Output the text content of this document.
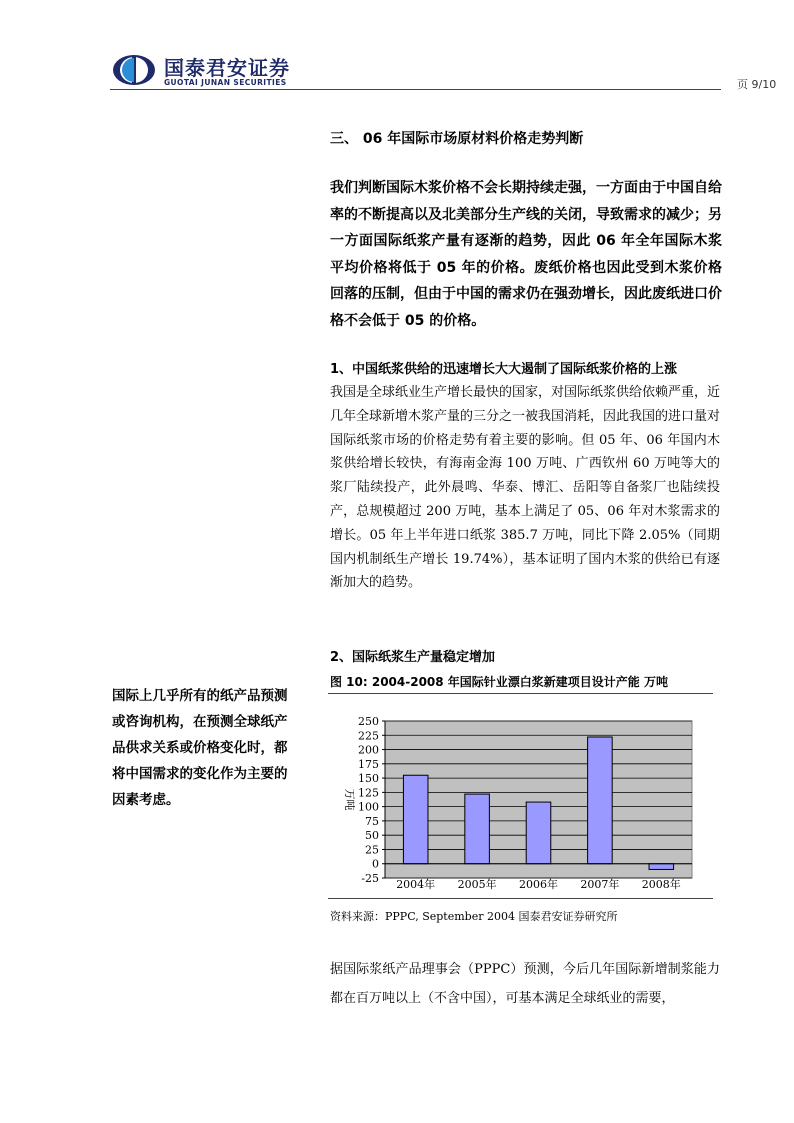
国泰君安证券
GUOTAI JUNAN SECURITIES	页 9/10
三、 06 年国际市场原材料价格走势判断
我们判断国际木浆价格不会长期持续走强，一方面由于中国自给率的不断提高以及北美部分生产线的关闭，导致需求的减少；另一方面国际纸浆产量有逐渐的趋势，因此 06 年全年国际木浆平均价格将低于 05 年的价格。废纸价格也因此受到木浆价格回落的压制，但由于中国的需求仍在强劲增长，因此废纸进口价格不会低于 05 的价格。
1、中国纸浆供给的迅速增长大大遏制了国际纸浆价格的上涨
我国是全球纸业生产增长最快的国家，对国际纸浆供给依赖严重，近几年全球新增木浆产量的三分之一被我国消耗，因此我国的进口量对国际纸浆市场的价格走势有着主要的影响。但 05 年、06 年国内木浆供给增长较快，有海南金海 100 万吨、广西钦州 60 万吨等大的浆厂陆续投产，此外晨鸣、华泰、博汇、岳阳等自备浆厂也陆续投产，总规模超过 200 万吨，基本上满足了 05、06 年对木浆需求的增长。05 年上半年进口纸浆 385.7 万吨，同比下降 2.05%（同期国内机制纸生产增长 19.74%），基本证明了国内木浆的供给已有逐渐加大的趋势。
2、国际纸浆生产量稳定增加
国际上几乎所有的纸产品预测或咨询机构，在预测全球纸产品供求关系或价格变化时，都将中国需求的变化作为主要的因素考虑。
图 10: 2004-2008 年国际针业漂白浆新建项目设计产能 万吨
-25
0
25
50
75
100
125
150
175
200
225
250
2004年 2005年 2006年 2007年 2008年
万吨
资料来源：PPPC, September 2004 国泰君安证券研究所
据国际浆纸产品理事会（PPPC）预测，今后几年国际新增制浆能力都在百万吨以上（不含中国），可基本满足全球纸业的需要，
